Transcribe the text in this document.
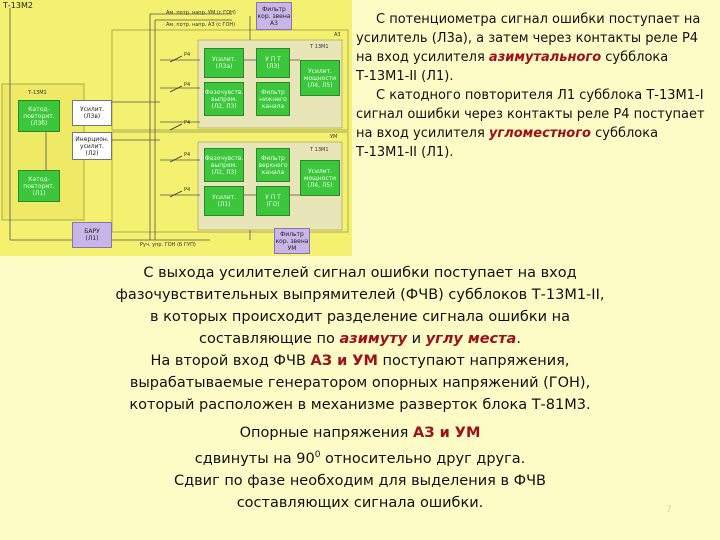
Т-13М2
Т-13М1
Т 13М1
Т 13М1
А3
УМ
Ам. потр. напр. УМ (с ГОН)
Ам. потр. напр. А3 (с ГОН)
Руч. упр. ГОН (Б ГУП)
Р4
Р4
Р4
Р4
Р4
Фильтр
кор. звена
А3
Усилит.
(Л3а)
У П Т
(Л3)
Усилит.
мощности
(Л4, Л5)
Фазочувств.
выпрям.
(Л2, Л3)
Фильтр
нижнего
канала
Катод-
повторит.
(Л3б)
Усилит.
(Л3в)
Инерцион.
усилит.
(Л2)
Катод-
повторит.
(Л1)
Фазочувств.
выпрям.
(Л2, Л3)
Фильтр
верхнего
канала	Усилит.
мощности
(Л4, Л5)
Усилит.
(Л1)
У П Т
(ГО)
Фильтр
кор. звена
УМ
БАРУ
(Л1)

С потенциометра сигнал ошибки поступает на усилитель (Л3а), а затем через контакты реле Р4 на вход усилителя азимутального субблока Т-13М1-II (Л1).

С катодного повторителя Л1 субблока Т-13М1-I сигнал ошибки через контакты реле Р4 поступает на вход усилителя угломестного субблока Т-13М1-II (Л1).

С выхода усилителей сигнал ошибки поступает на вход

фазочувствительных выпрямителей (ФЧВ) субблоков Т-13М1-II,

в которых происходит разделение сигнала ошибки на

составляющие по азимуту и углу места.

На второй вход ФЧВ АЗ и УМ поступают напряжения,

вырабатываемые генератором опорных напряжений (ГОН),

который расположен в механизме разверток блока Т-81М3.

Опорные напряжения АЗ и УМ

сдвинуты на $90^0$ относительно друг друга.

Сдвиг по фазе необходим для выделения в ФЧВ

составляющих сигнала ошибки.	7
